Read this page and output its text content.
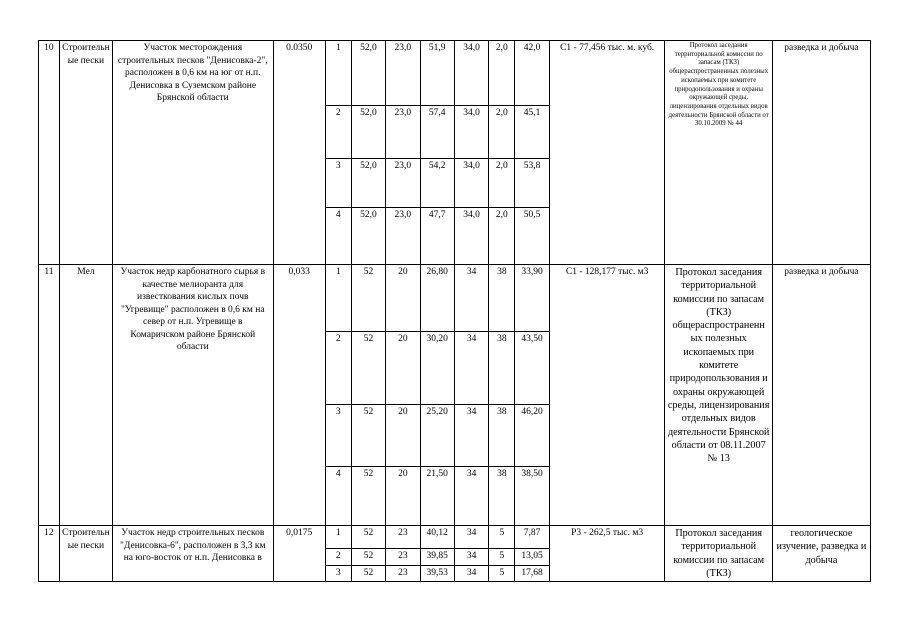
10	Строительные пески	Участок месторождения строительных песков "Денисовка-2", расположен в 0,6 км на юг от н.п. Денисовка в Суземском районе Брянской области	0.0350	1	52,0	23,0	51,9	34,0	2,0	42,0	С1 - 77,456 тыс. м. куб.	Протокол заседания территориальной комиссии по запасам (ТКЗ) общераспространенных полезных ископаемых при комитете природопользования и охраны окружающей среды, лицензирования отдельных видов деятельности Брянской области от 30.10.2009 № 44	разведка и добыча
				2	52,0	23,0	57,4	34,0	2,0	45,1			
				3	52,0	23,0	54,2	34,0	2,0	53,8			
				4	52,0	23,0	47,7	34,0	2,0	50,5			
11	Мел	Участок недр карбонатного сырья в качестве мелиоранта для известкования кислых почв "Угревище" расположен в 0,6 км на север от н.п. Угревище в Комаричском районе Брянской области	0,033	1	52	20	26,80	34	38	33,90	С1 - 128,177 тыс. м3	Протокол заседания территориальной комиссии по запасам (ТКЗ) общераспространенн ых полезных ископаемых при комитете природопользования и охраны окружающей среды, лицензирования отдельных видов деятельности Брянской области от 08.11.2007 № 13	разведка и добыча
				2	52	20	30,20	34	38	43,50			
				3	52	20	25,20	34	38	46,20			
				4	52	20	21,50	34	38	38,50			
12	Строительные пески	Участок недр строительных песков "Денисовка-6", расположен в 3,3 км на юго-восток от н.п. Денисовка в	0,0175	1	52	23	40,12	34	5	7,87	Р3 - 262,5 тыс. м3	Протокол заседания территориальной комиссии по запасам (ТКЗ)	геологическое изучение, разведка и добыча
				2	52	23	39,85	34	5	13,05			
				3	52	23	39,53	34	5	17,68			
